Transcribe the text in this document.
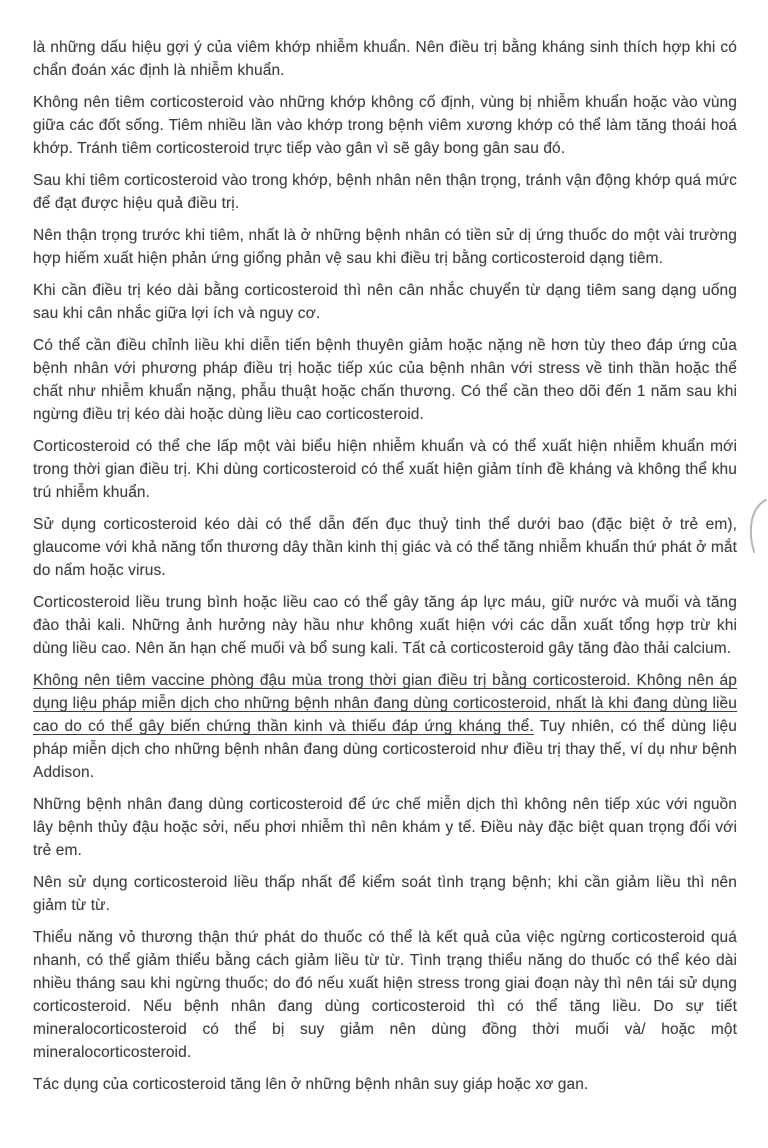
là những dấu hiệu gợi ý của viêm khớp nhiễm khuẩn. Nên điều trị bằng kháng sinh thích hợp khi có chẩn đoán xác định là nhiễm khuẩn.

Không nên tiêm corticosteroid vào những khớp không cố định, vùng bị nhiễm khuẩn hoặc vào vùng giữa các đốt sống. Tiêm nhiều lần vào khớp trong bệnh viêm xương khớp có thể làm tăng thoái hoá khớp. Tránh tiêm corticosteroid trực tiếp vào gân vì sẽ gây bong gân sau đó.

Sau khi tiêm corticosteroid vào trong khớp, bệnh nhân nên thận trọng, tránh vận động khớp quá mức để đạt được hiệu quả điều trị.

Nên thận trọng trước khi tiêm, nhất là ở những bệnh nhân có tiền sử dị ứng thuốc do một vài trường hợp hiếm xuất hiện phản ứng giống phản vệ sau khi điều trị bằng corticosteroid dạng tiêm.

Khi cần điều trị kéo dài bằng corticosteroid thì nên cân nhắc chuyển từ dạng tiêm sang dạng uống sau khi cân nhắc giữa lợi ích và nguy cơ.

Có thể cần điều chỉnh liều khi diễn tiến bệnh thuyên giảm hoặc nặng nề hơn tùy theo đáp ứng của bệnh nhân với phương pháp điều trị hoặc tiếp xúc của bệnh nhân với stress về tinh thần hoặc thể chất như nhiễm khuẩn nặng, phẫu thuật hoặc chấn thương. Có thể cần theo dõi đến 1 năm sau khi ngừng điều trị kéo dài hoặc dùng liều cao corticosteroid.

Corticosteroid có thể che lấp một vài biểu hiện nhiễm khuẩn và có thể xuất hiện nhiễm khuẩn mới trong thời gian điều trị. Khi dùng corticosteroid có thể xuất hiện giảm tính đề kháng và không thể khu trú nhiễm khuẩn.

Sử dụng corticosteroid kéo dài có thể dẫn đến đục thuỷ tinh thể dưới bao (đặc biệt ở trẻ em), glaucome với khả năng tổn thương dây thần kinh thị giác và có thể tăng nhiễm khuẩn thứ phát ở mắt do nấm hoặc virus.

Corticosteroid liều trung bình hoặc liều cao có thể gây tăng áp lực máu, giữ nước và muối và tăng đào thải kali. Những ảnh hưởng này hầu như không xuất hiện với các dẫn xuất tổng hợp trừ khi dùng liều cao. Nên ăn hạn chế muối và bổ sung kali. Tất cả corticosteroid gây tăng đào thải calcium.

Không nên tiêm vaccine phòng đậu mùa trong thời gian điều trị bằng corticosteroid. Không nên áp dụng liệu pháp miễn dịch cho những bệnh nhân đang dùng corticosteroid, nhất là khi đang dùng liều cao do có thể gây biến chứng thần kinh và thiếu đáp ứng kháng thể. Tuy nhiên, có thể dùng liệu pháp miễn dịch cho những bệnh nhân đang dùng corticosteroid như điều trị thay thế, ví dụ như bệnh Addison.

Những bệnh nhân đang dùng corticosteroid để ức chế miễn dịch thì không nên tiếp xúc với nguồn lây bệnh thủy đậu hoặc sởi, nếu phơi nhiễm thì nên khám y tế. Điều này đặc biệt quan trọng đối với trẻ em.

Nên sử dụng corticosteroid liều thấp nhất để kiểm soát tình trạng bệnh; khi cần giảm liều thì nên giảm từ từ.

Thiểu năng vỏ thương thận thứ phát do thuốc có thể là kết quả của việc ngừng corticosteroid quá nhanh, có thể giảm thiểu bằng cách giảm liều từ từ. Tình trạng thiểu năng do thuốc có thể kéo dài nhiều tháng sau khi ngừng thuốc; do đó nếu xuất hiện stress trong giai đoạn này thì nên tái sử dụng corticosteroid. Nếu bệnh nhân đang dùng corticosteroid thì có thể tăng liều. Do sự tiết mineralocorticosteroid có thể bị suy giảm nên dùng đồng thời muối và/ hoặc một mineralocorticosteroid.

Tác dụng của corticosteroid tăng lên ở những bệnh nhân suy giáp hoặc xơ gan.
